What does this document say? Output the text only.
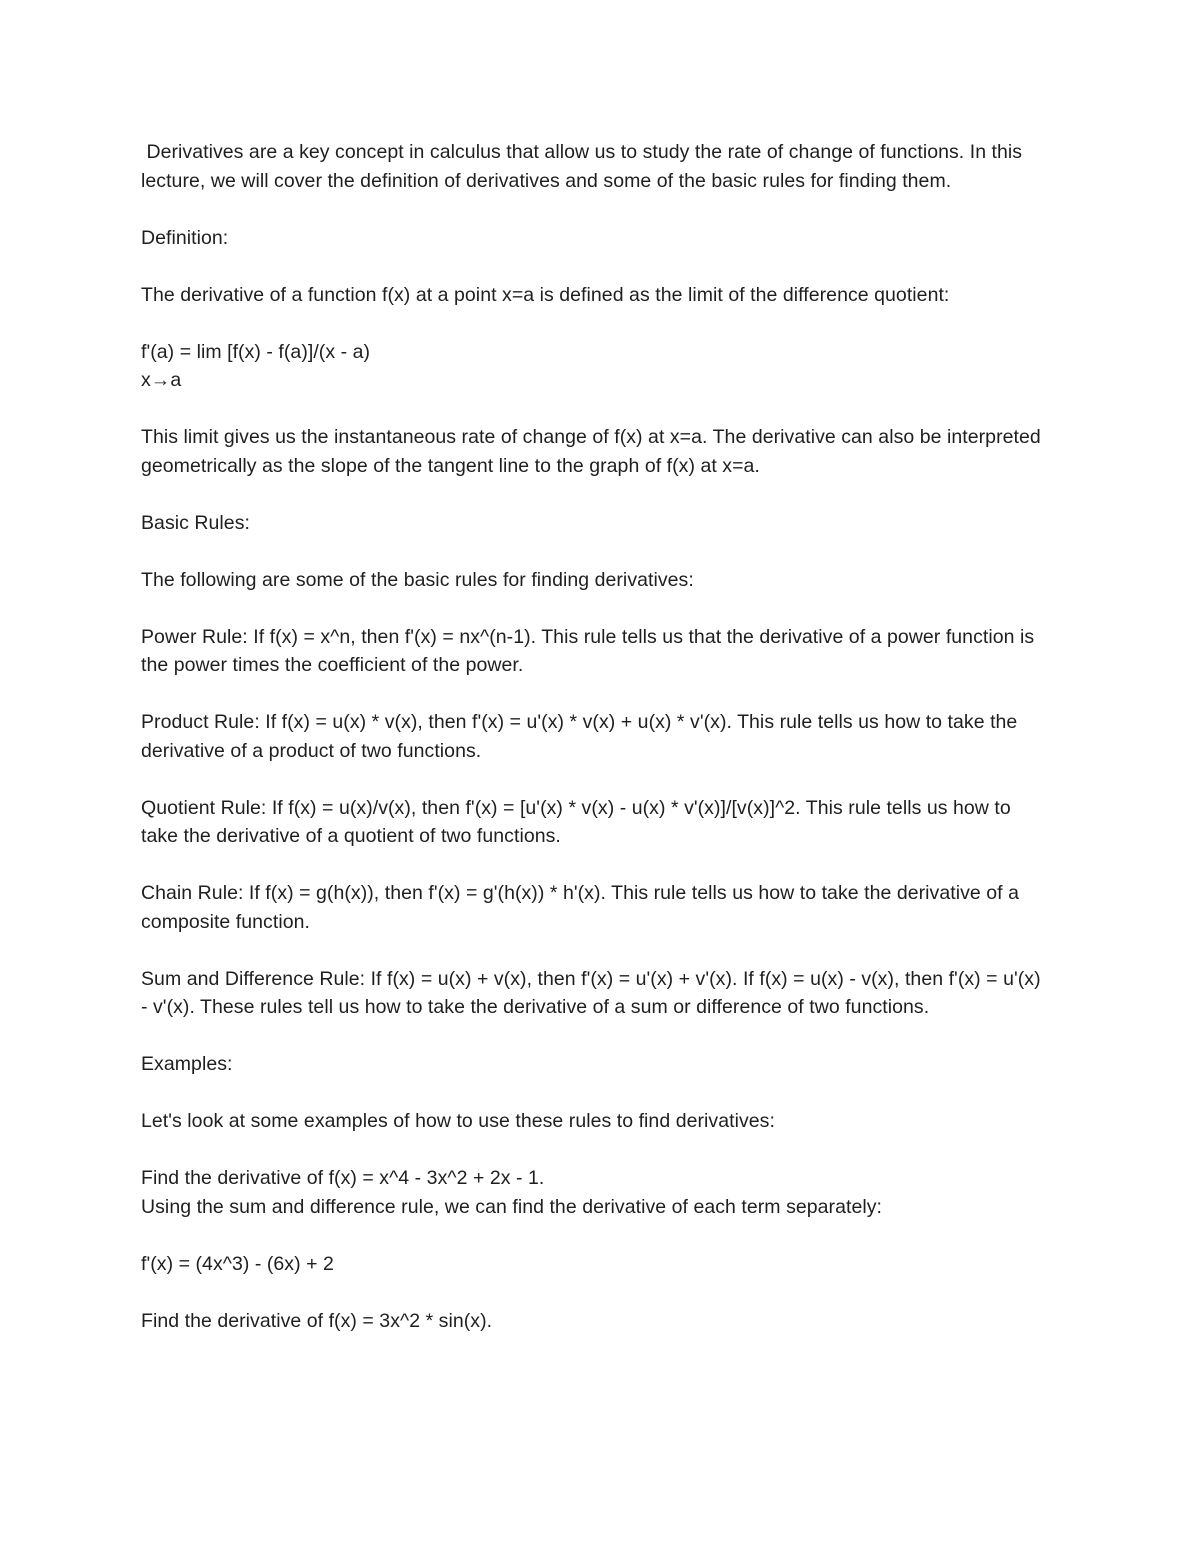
Derivatives are a key concept in calculus that allow us to study the rate of change of functions. In this lecture, we will cover the definition of derivatives and some of the basic rules for finding them.

Definition:

The derivative of a function f(x) at a point x=a is defined as the limit of the difference quotient:

f'(a) = lim [f(x) - f(a)]/(x - a)
x→a

This limit gives us the instantaneous rate of change of f(x) at x=a. The derivative can also be interpreted geometrically as the slope of the tangent line to the graph of f(x) at x=a.

Basic Rules:

The following are some of the basic rules for finding derivatives:

Power Rule: If f(x) = x^n, then f'(x) = nx^(n-1). This rule tells us that the derivative of a power function is the power times the coefficient of the power.

Product Rule: If f(x) = u(x) * v(x), then f'(x) = u'(x) * v(x) + u(x) * v'(x). This rule tells us how to take the derivative of a product of two functions.

Quotient Rule: If f(x) = u(x)/v(x), then f'(x) = [u'(x) * v(x) - u(x) * v'(x)]/[v(x)]^2. This rule tells us how to take the derivative of a quotient of two functions.

Chain Rule: If f(x) = g(h(x)), then f'(x) = g'(h(x)) * h'(x). This rule tells us how to take the derivative of a composite function.

Sum and Difference Rule: If f(x) = u(x) + v(x), then f'(x) = u'(x) + v'(x). If f(x) = u(x) - v(x), then f'(x) = u'(x) - v'(x). These rules tell us how to take the derivative of a sum or difference of two functions.

Examples:

Let's look at some examples of how to use these rules to find derivatives:

Find the derivative of f(x) = x^4 - 3x^2 + 2x - 1.
Using the sum and difference rule, we can find the derivative of each term separately:

f'(x) = (4x^3) - (6x) + 2

Find the derivative of f(x) = 3x^2 * sin(x).
